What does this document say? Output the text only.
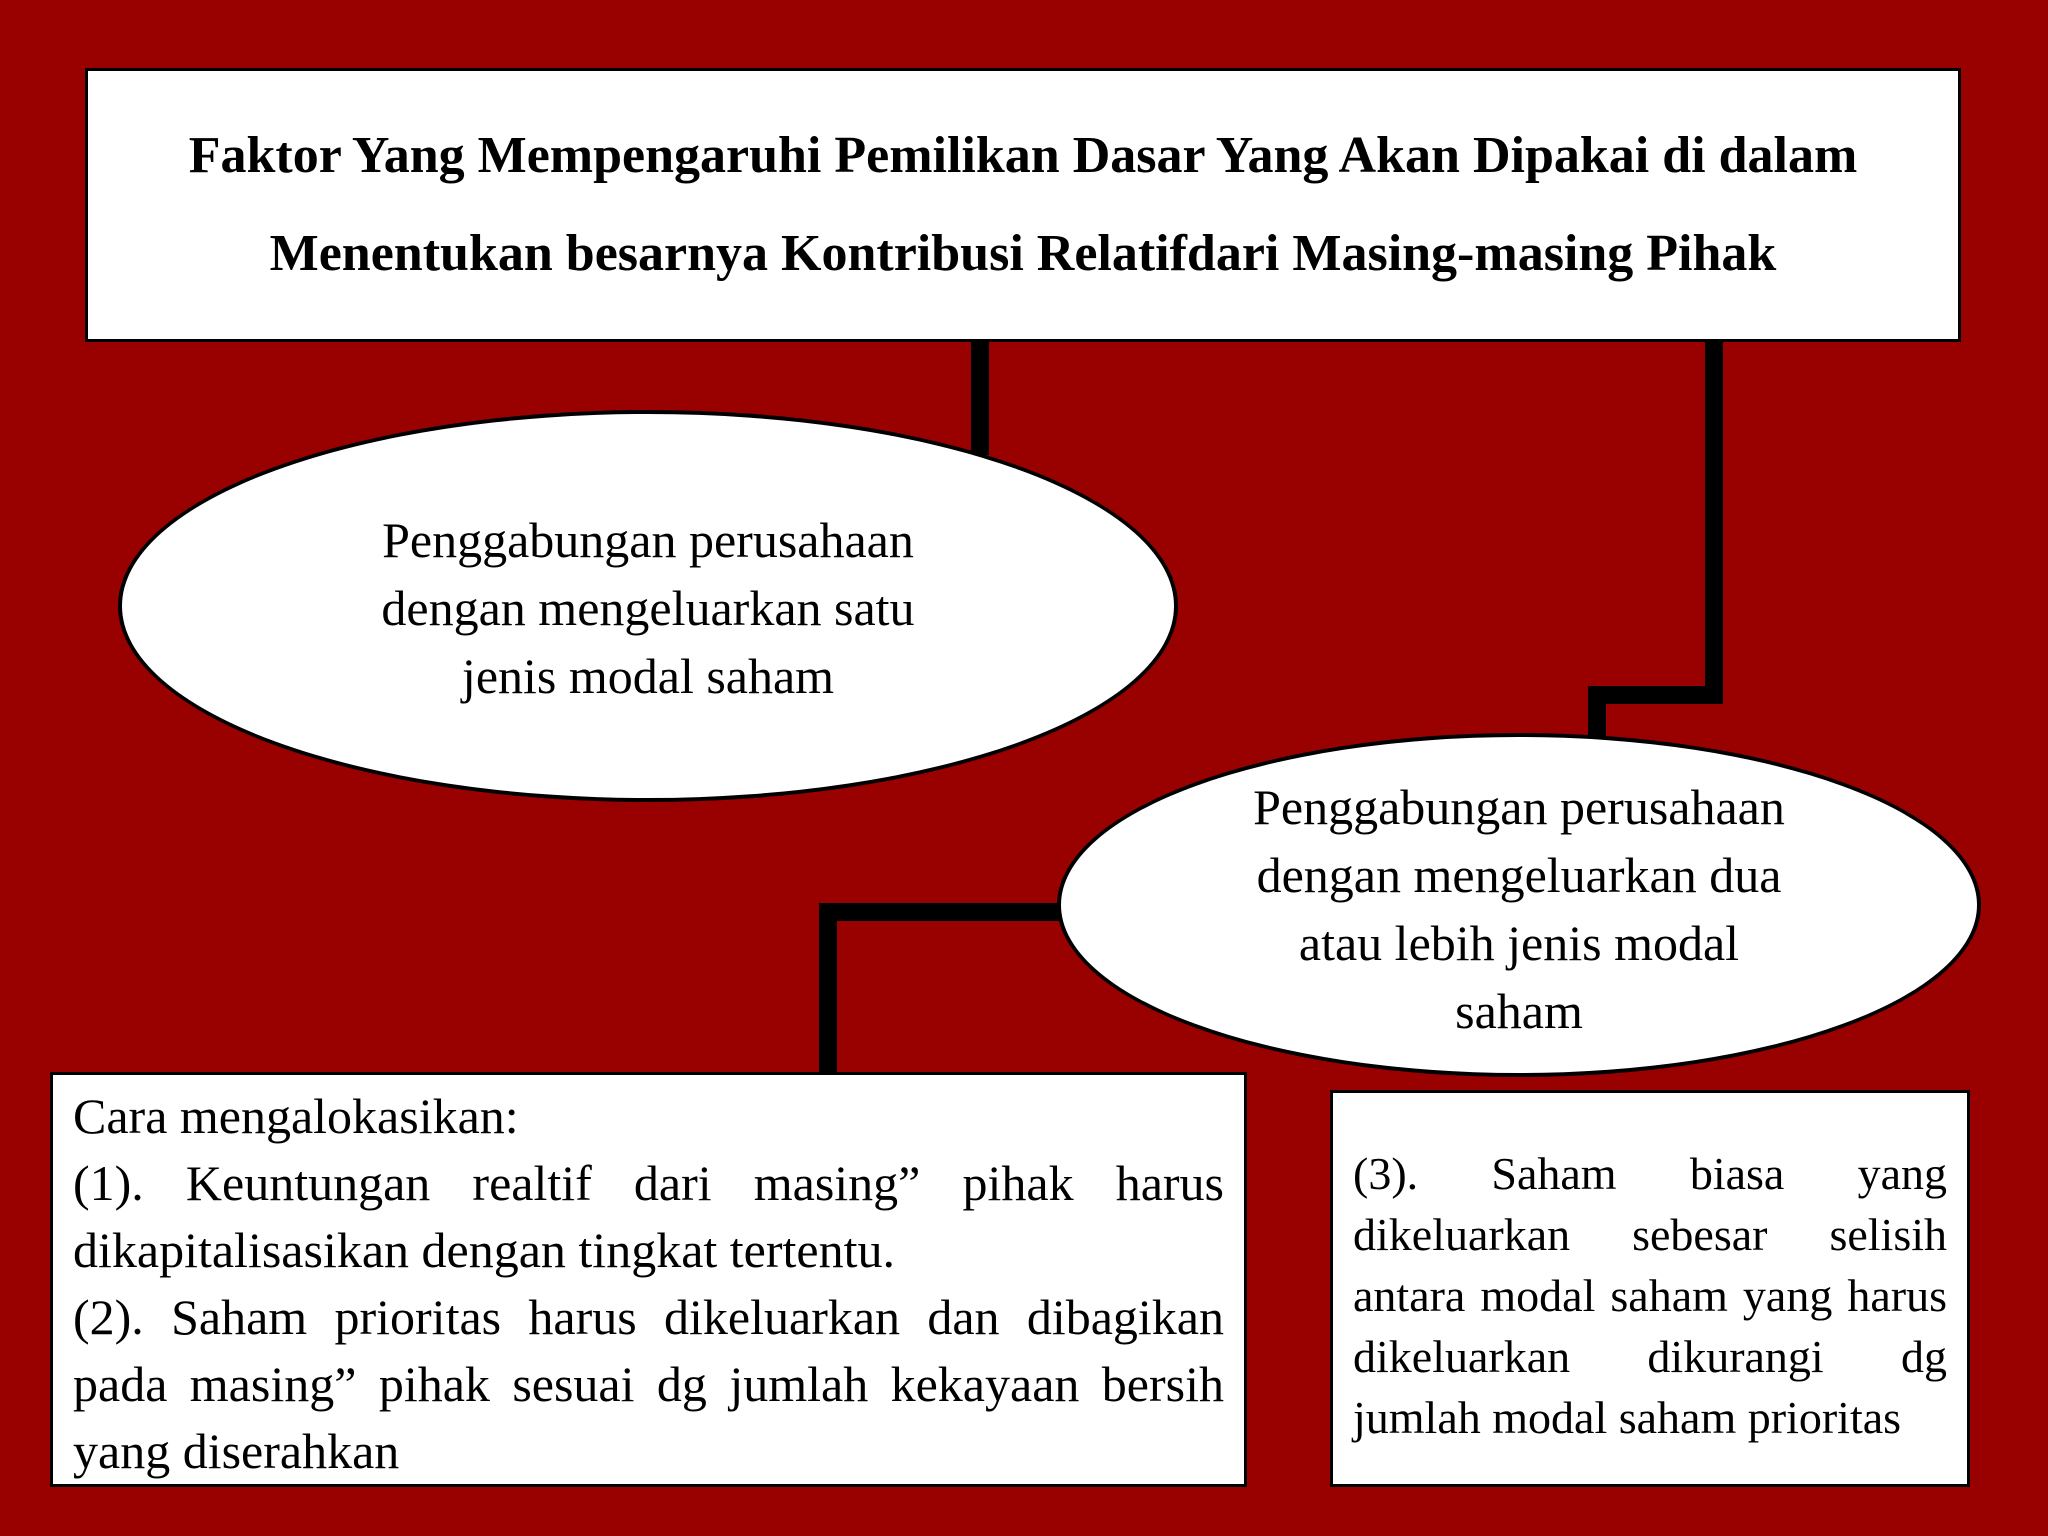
Faktor Yang Mempengaruhi Pemilikan Dasar Yang Akan Dipakai di dalam
Menentukan besarnya Kontribusi Relatifdari Masing-masing Pihak
Penggabungan perusahaan
dengan mengeluarkan satu
jenis modal saham
Penggabungan perusahaan
dengan mengeluarkan dua
atau lebih jenis modal
saham
Cara mengalokasikan:
(1). Keuntungan realtif dari masing” pihak harus dikapitalisasikan dengan tingkat tertentu.
(2). Saham prioritas harus dikeluarkan dan dibagikan pada masing” pihak sesuai dg jumlah kekayaan bersih yang diserahkan
(3). Saham biasa yang dikeluarkan sebesar selisih antara modal saham yang harus dikeluarkan dikurangi dg jumlah modal saham prioritas
